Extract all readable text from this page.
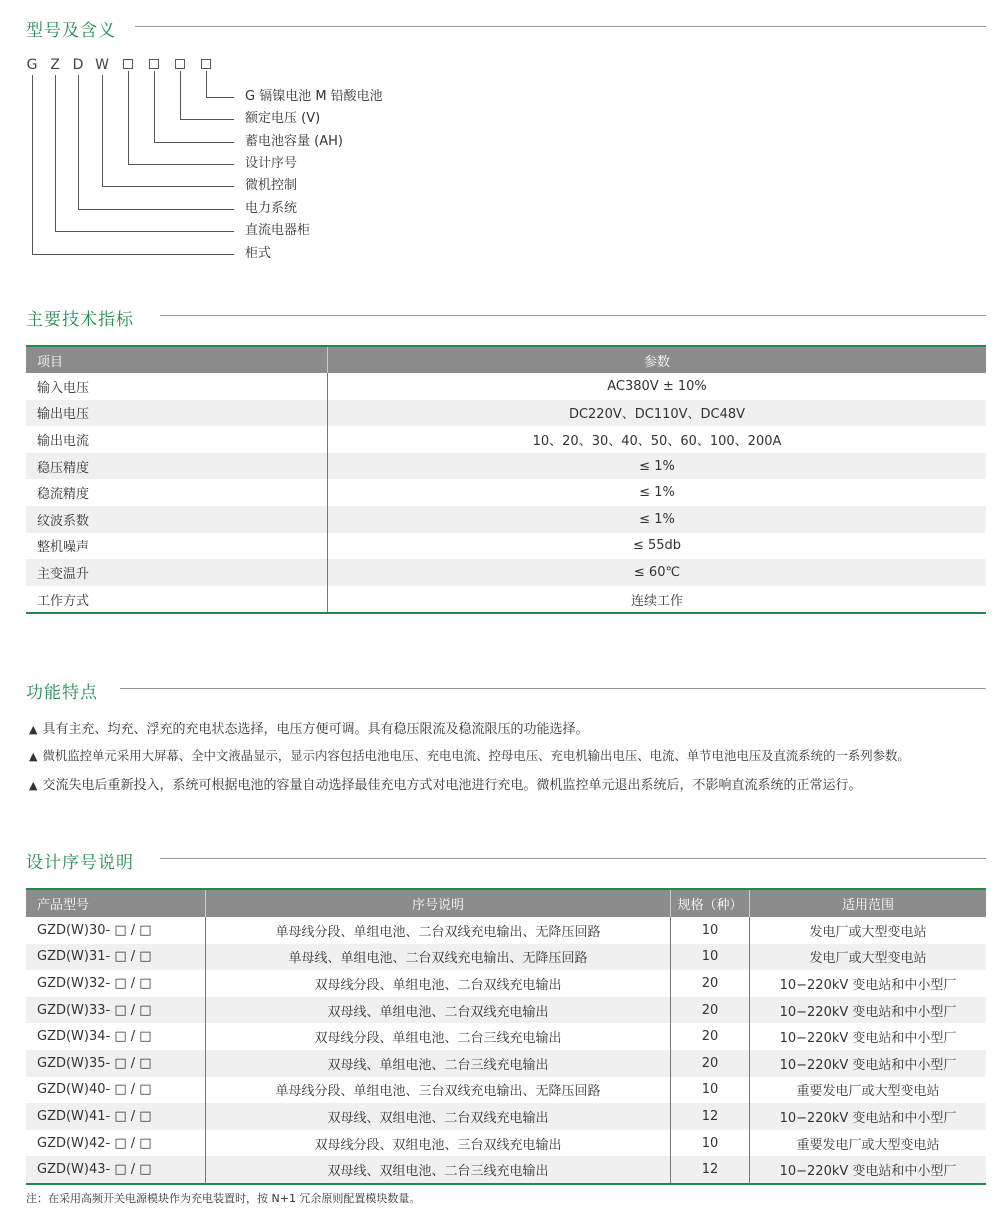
型号及含义
G Z D W
G 镉镍电池 M 铅酸电池
额定电压 (V)
蓄电池容量 (AH)
设计序号
微机控制
电力系统
直流电器柜
柜式
主要技术指标
项目	参数
输入电压	AC380V ± 10%
输出电压	DC220V、DC110V、DC48V
输出电流	10、20、30、40、50、60、100、200A
稳压精度	≤ 1%
稳流精度	≤ 1%
纹波系数	≤ 1%
整机噪声	≤ 55db
主变温升	≤ 60℃
工作方式	连续工作
功能特点
▲ 具有主充、均充、浮充的充电状态选择，电压方便可调。具有稳压限流及稳流限压的功能选择。
▲ 微机监控单元采用大屏幕、全中文液晶显示，显示内容包括电池电压、充电电流、控母电压、充电机输出电压、电流、单节电池电压及直流系统的一系列参数。
▲ 交流失电后重新投入，系统可根据电池的容量自动选择最佳充电方式对电池进行充电。微机监控单元退出系统后，不影响直流系统的正常运行。
设计序号说明
产品型号	序号说明	规格（种）	适用范围
GZD(W)30- □ / □	单母线分段、单组电池、二台双线充电输出、无降压回路	10	发电厂或大型变电站
GZD(W)31- □ / □	单母线、单组电池、二台双线充电输出、无降压回路	10	发电厂或大型变电站
GZD(W)32- □ / □	双母线分段、单组电池、二台双线充电输出	20	10−220kV 变电站和中小型厂
GZD(W)33- □ / □	双母线、单组电池、二台双线充电输出	20	10−220kV 变电站和中小型厂
GZD(W)34- □ / □	双母线分段、单组电池、二台三线充电输出	20	10−220kV 变电站和中小型厂
GZD(W)35- □ / □	双母线、单组电池、二台三线充电输出	20	10−220kV 变电站和中小型厂
GZD(W)40- □ / □	单母线分段、单组电池、三台双线充电输出、无降压回路	10	重要发电厂或大型变电站
GZD(W)41- □ / □	双母线、双组电池、二台双线充电输出	12	10−220kV 变电站和中小型厂
GZD(W)42- □ / □	双母线分段、双组电池、三台双线充电输出	10	重要发电厂或大型变电站
GZD(W)43- □ / □	双母线、双组电池、二台三线充电输出	12	10−220kV 变电站和中小型厂
注：在采用高频开关电源模块作为充电装置时，按 N+1 冗余原则配置模块数量。
